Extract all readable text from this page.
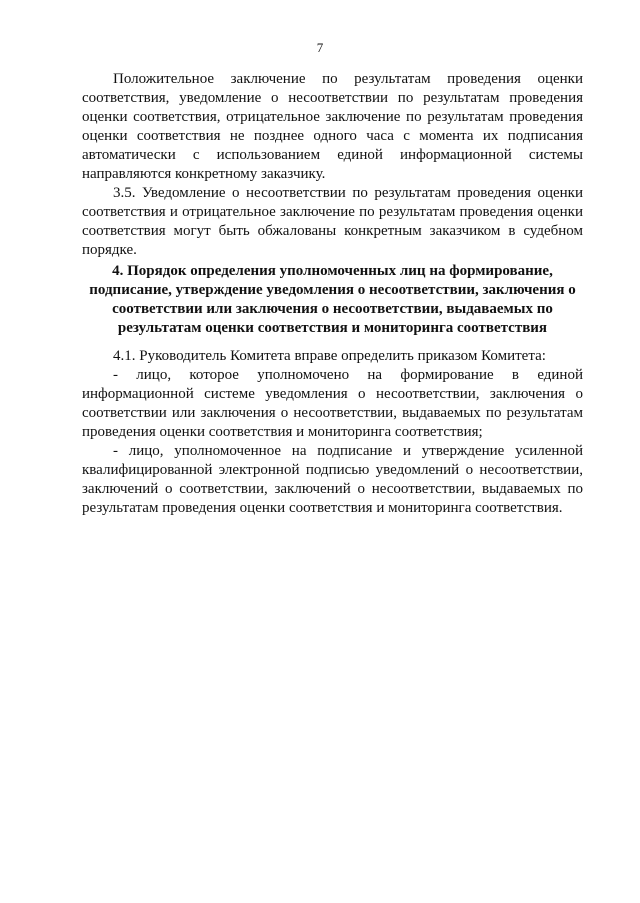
7

Положительное заключение по результатам проведения оценки соответствия, уведомление о несоответствии по результатам проведения оценки соответствия, отрицательное заключение по результатам проведения оценки соответствия не позднее одного часа с момента их подписания автоматически с использованием единой информационной системы направляются конкретному заказчику.

3.5. Уведомление о несоответствии по результатам проведения оценки соответствия и отрицательное заключение по результатам проведения оценки соответствия могут быть обжалованы конкретным заказчиком в судебном порядке.

4. Порядок определения уполномоченных лиц на формирование, подписание, утверждение уведомления о несоответствии, заключения о соответствии или заключения о несоответствии, выдаваемых по результатам оценки соответствия и мониторинга соответствия

4.1. Руководитель Комитета вправе определить приказом Комитета:

- лицо, которое уполномочено на формирование в единой информационной системе уведомления о несоответствии, заключения о соответствии или заключения о несоответствии, выдаваемых по результатам проведения оценки соответствия и мониторинга соответствия;

- лицо, уполномоченное на подписание и утверждение усиленной квалифицированной электронной подписью уведомлений о несоответствии, заключений о соответствии, заключений о несоответствии, выдаваемых по результатам проведения оценки соответствия и мониторинга соответствия.
